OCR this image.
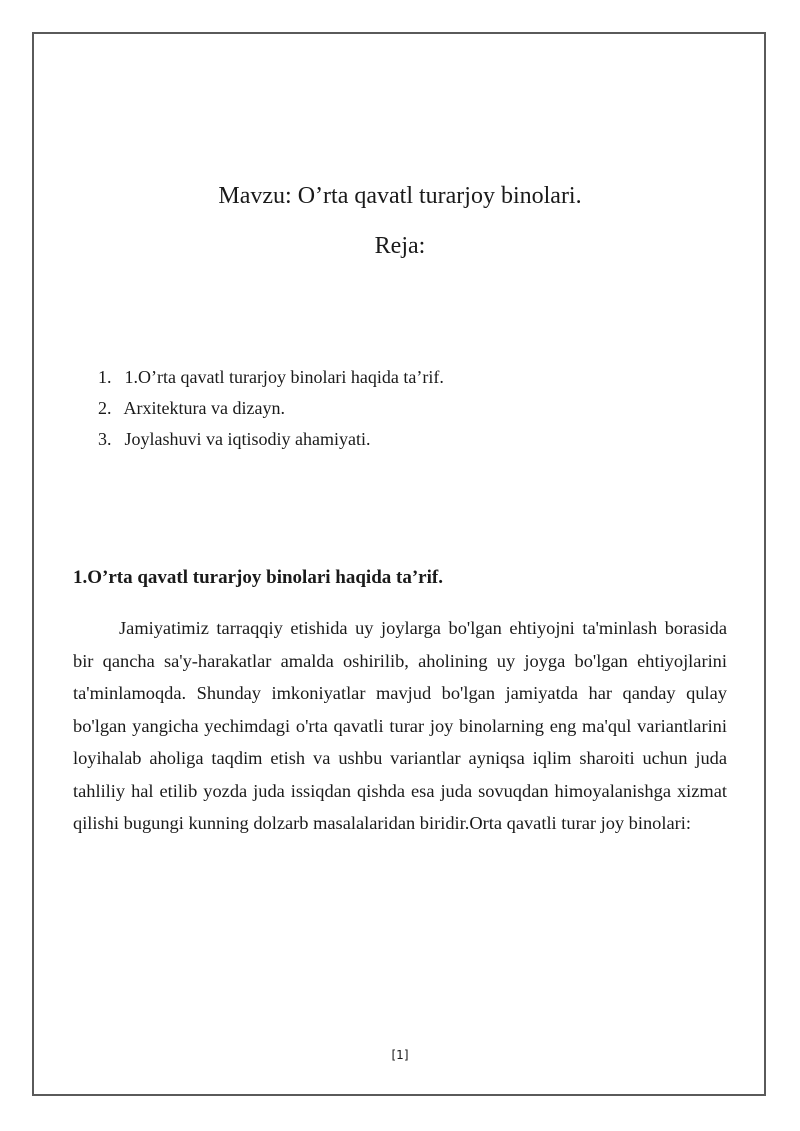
Mavzu: O’rta qavatl turarjoy binolari.
Reja:
1. 1.O’rta qavatl turarjoy binolari haqida ta’rif.
2. Arxitektura va dizayn.
3. Joylashuvi va iqtisodiy ahamiyati.
1.O’rta qavatl turarjoy binolari haqida ta’rif.

Jamiyatimiz tarraqqiy etishida uy joylarga bo'lgan ehtiyojni ta'minlash borasida bir qancha sa'y-harakatlar amalda oshirilib, aholining uy joyga bo'lgan ehtiyojlarini ta'minlamoqda. Shunday imkoniyatlar mavjud bo'lgan jamiyatda har qanday qulay bo'lgan yangicha yechimdagi o'rta qavatli turar joy binolarning eng ma'qul variantlarini loyihalab aholiga taqdim etish va ushbu variantlar ayniqsa iqlim sharoiti uchun juda tahliliy hal etilib yozda juda issiqdan qishda esa juda sovuqdan himoyalanishga xizmat qilishi bugungi kunning dolzarb masalalaridan biridir.Orta qavatli turar joy binolari:

[1]
